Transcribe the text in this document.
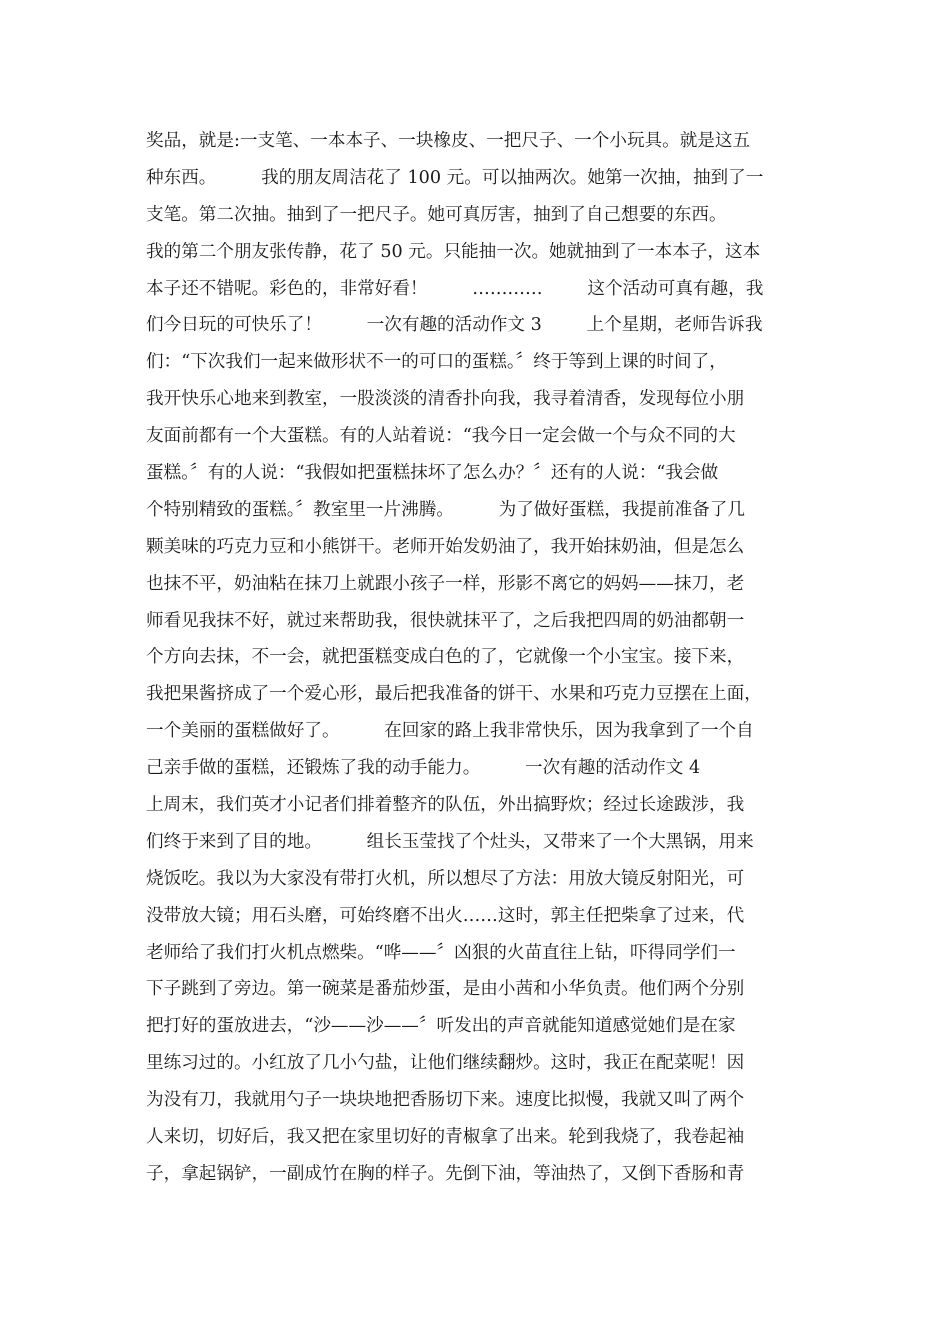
奖品，就是:一支笔、一本本子、一块橡皮、一把尺子、一个小玩具。就是这五
种东西。        我的朋友周洁花了 100 元。可以抽两次。她第一次抽，抽到了一
支笔。第二次抽。抽到了一把尺子。她可真厉害，抽到了自己想要的东西。
我的第二个朋友张传静，花了 50 元。只能抽一次。她就抽到了一本本子，这本
本子还不错呢。彩色的，非常好看！        …………        这个活动可真有趣，我
们今日玩的可快乐了！        一次有趣的活动作文 3        上个星期，老师告诉我
们：“下次我们一起来做形状不一的可口的蛋糕。〞终于等到上课的时间了，
我开快乐心地来到教室，一股淡淡的清香扑向我，我寻着清香，发现每位小朋
友面前都有一个大蛋糕。有的人站着说：“我今日一定会做一个与众不同的大
蛋糕。〞有的人说：“我假如把蛋糕抹坏了怎么办？〞还有的人说：“我会做
个特别精致的蛋糕。〞教室里一片沸腾。        为了做好蛋糕，我提前准备了几
颗美味的巧克力豆和小熊饼干。老师开始发奶油了，我开始抹奶油，但是怎么
也抹不平，奶油粘在抹刀上就跟小孩子一样，形影不离它的妈妈——抹刀，老
师看见我抹不好，就过来帮助我，很快就抹平了，之后我把四周的奶油都朝一
个方向去抹，不一会，就把蛋糕变成白色的了，它就像一个小宝宝。接下来，
我把果酱挤成了一个爱心形，最后把我准备的饼干、水果和巧克力豆摆在上面，
一个美丽的蛋糕做好了。        在回家的路上我非常快乐，因为我拿到了一个自
己亲手做的蛋糕，还锻炼了我的动手能力。        一次有趣的活动作文 4
上周末，我们英才小记者们排着整齐的队伍，外出搞野炊；经过长途跋涉，我
们终于来到了目的地。        组长玉莹找了个灶头，又带来了一个大黑锅，用来
烧饭吃。我以为大家没有带打火机，所以想尽了方法：用放大镜反射阳光，可
没带放大镜；用石头磨，可始终磨不出火……这时，郭主任把柴拿了过来，代
老师给了我们打火机点燃柴。“哗——〞凶狠的火苗直往上钻，吓得同学们一
下子跳到了旁边。第一碗菜是番茄炒蛋，是由小茜和小华负责。他们两个分别
把打好的蛋放进去，“沙——沙——〞听发出的声音就能知道感觉她们是在家
里练习过的。小红放了几小勺盐，让他们继续翻炒。这时，我正在配菜呢！因
为没有刀，我就用勺子一块块地把香肠切下来。速度比拟慢，我就又叫了两个
人来切，切好后，我又把在家里切好的青椒拿了出来。轮到我烧了，我卷起袖
子，拿起锅铲，一副成竹在胸的样子。先倒下油，等油热了，又倒下香肠和青
